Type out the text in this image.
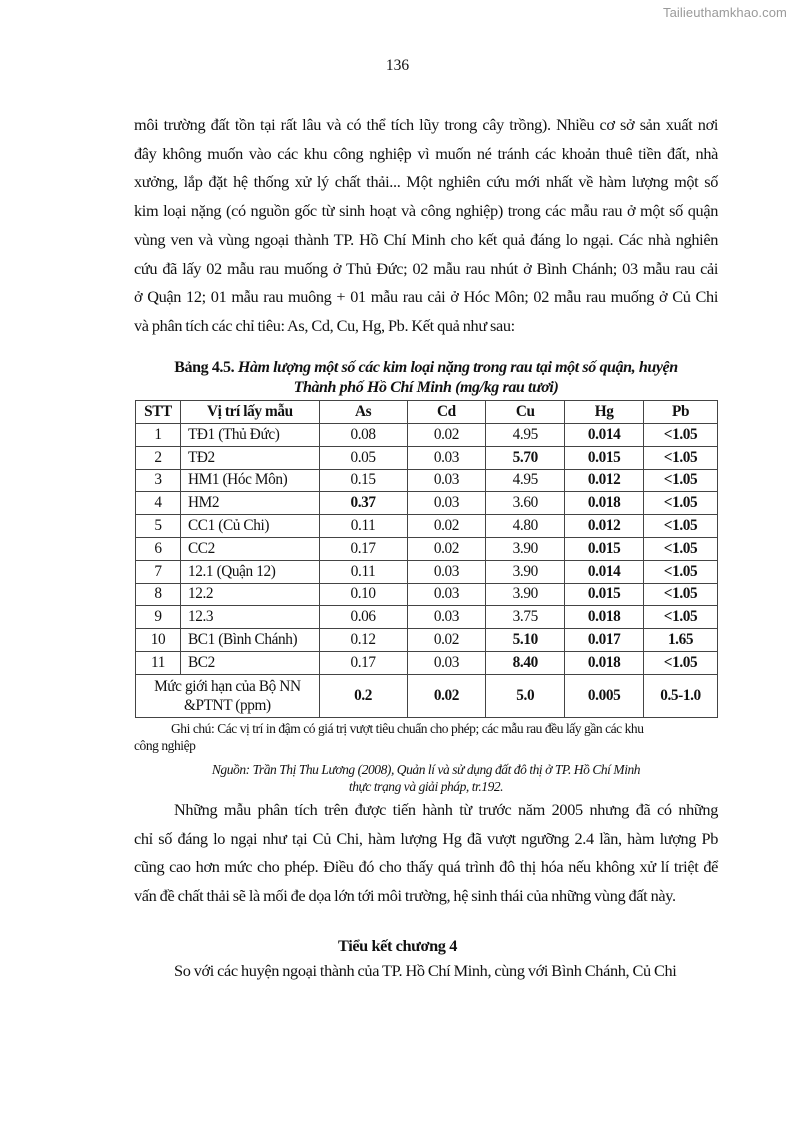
Tailieuthamkhao.com
136
môi trường đất tồn tại rất lâu và có thể tích lũy trong cây trồng). Nhiều cơ sở sản xuất nơi
đây không muốn vào các khu công nghiệp vì muốn né tránh các khoản thuê tiền đất, nhà
xưởng, lắp đặt hệ thống xử lý chất thải... Một nghiên cứu mới nhất về hàm lượng một số
kim loại nặng (có nguồn gốc từ sinh hoạt và công nghiệp) trong các mẫu rau ở một số quận
vùng ven và vùng ngoại thành TP. Hồ Chí Minh cho kết quả đáng lo ngại. Các nhà nghiên
cứu đã lấy 02 mẫu rau muống ở Thủ Đức; 02 mẫu rau nhút ở Bình Chánh; 03 mẫu rau cải
ở Quận 12; 01 mẫu rau muông + 01 mẫu rau cải ở Hóc Môn; 02 mẫu rau muống ở Củ Chi
và phân tích các chỉ tiêu: As, Cd, Cu, Hg, Pb. Kết quả như sau:
Bảng 4.5. Hàm lượng một số các kim loại nặng trong rau tại một số quận, huyện
Thành phố Hồ Chí Minh (mg/kg rau tươi)
STT	Vị trí lấy mẫu	As	Cd	Cu	Hg	Pb
1	TĐ1 (Thủ Đức)	0.08	0.02	4.95	0.014	<1.05
2	TĐ2	0.05	0.03	5.70	0.015	<1.05
3	HM1 (Hóc Môn)	0.15	0.03	4.95	0.012	<1.05
4	HM2	0.37	0.03	3.60	0.018	<1.05
5	CC1 (Củ Chi)	0.11	0.02	4.80	0.012	<1.05
6	CC2	0.17	0.02	3.90	0.015	<1.05
7	12.1 (Quận 12)	0.11	0.03	3.90	0.014	<1.05
8	12.2	0.10	0.03	3.90	0.015	<1.05
9	12.3	0.06	0.03	3.75	0.018	<1.05
10	BC1 (Bình Chánh)	0.12	0.02	5.10	0.017	1.65
11	BC2	0.17	0.03	8.40	0.018	<1.05
Mức giới hạn của Bộ NN
&PTNT (ppm)		0.2	0.02	5.0	0.005	0.5-1.0
Ghi chú: Các vị trí in đậm có giá trị vượt tiêu chuẩn cho phép; các mẫu rau đều lấy gần các khu
công nghiệp
Nguồn: Trần Thị Thu Lương (2008), Quản lí và sử dụng đất đô thị ở TP. Hồ Chí Minh
thực trạng và giải pháp, tr.192.
Những mẫu phân tích trên được tiến hành từ trước năm 2005 nhưng đã có những
chỉ số đáng lo ngại như tại Củ Chi, hàm lượng Hg đã vượt ngưỡng 2.4 lần, hàm lượng Pb
cũng cao hơn mức cho phép. Điều đó cho thấy quá trình đô thị hóa nếu không xử lí triệt để
vấn đề chất thải sẽ là mối đe dọa lớn tới môi trường, hệ sinh thái của những vùng đất này.
Tiểu kết chương 4
So với các huyện ngoại thành của TP. Hồ Chí Minh, cùng với Bình Chánh, Củ Chi
